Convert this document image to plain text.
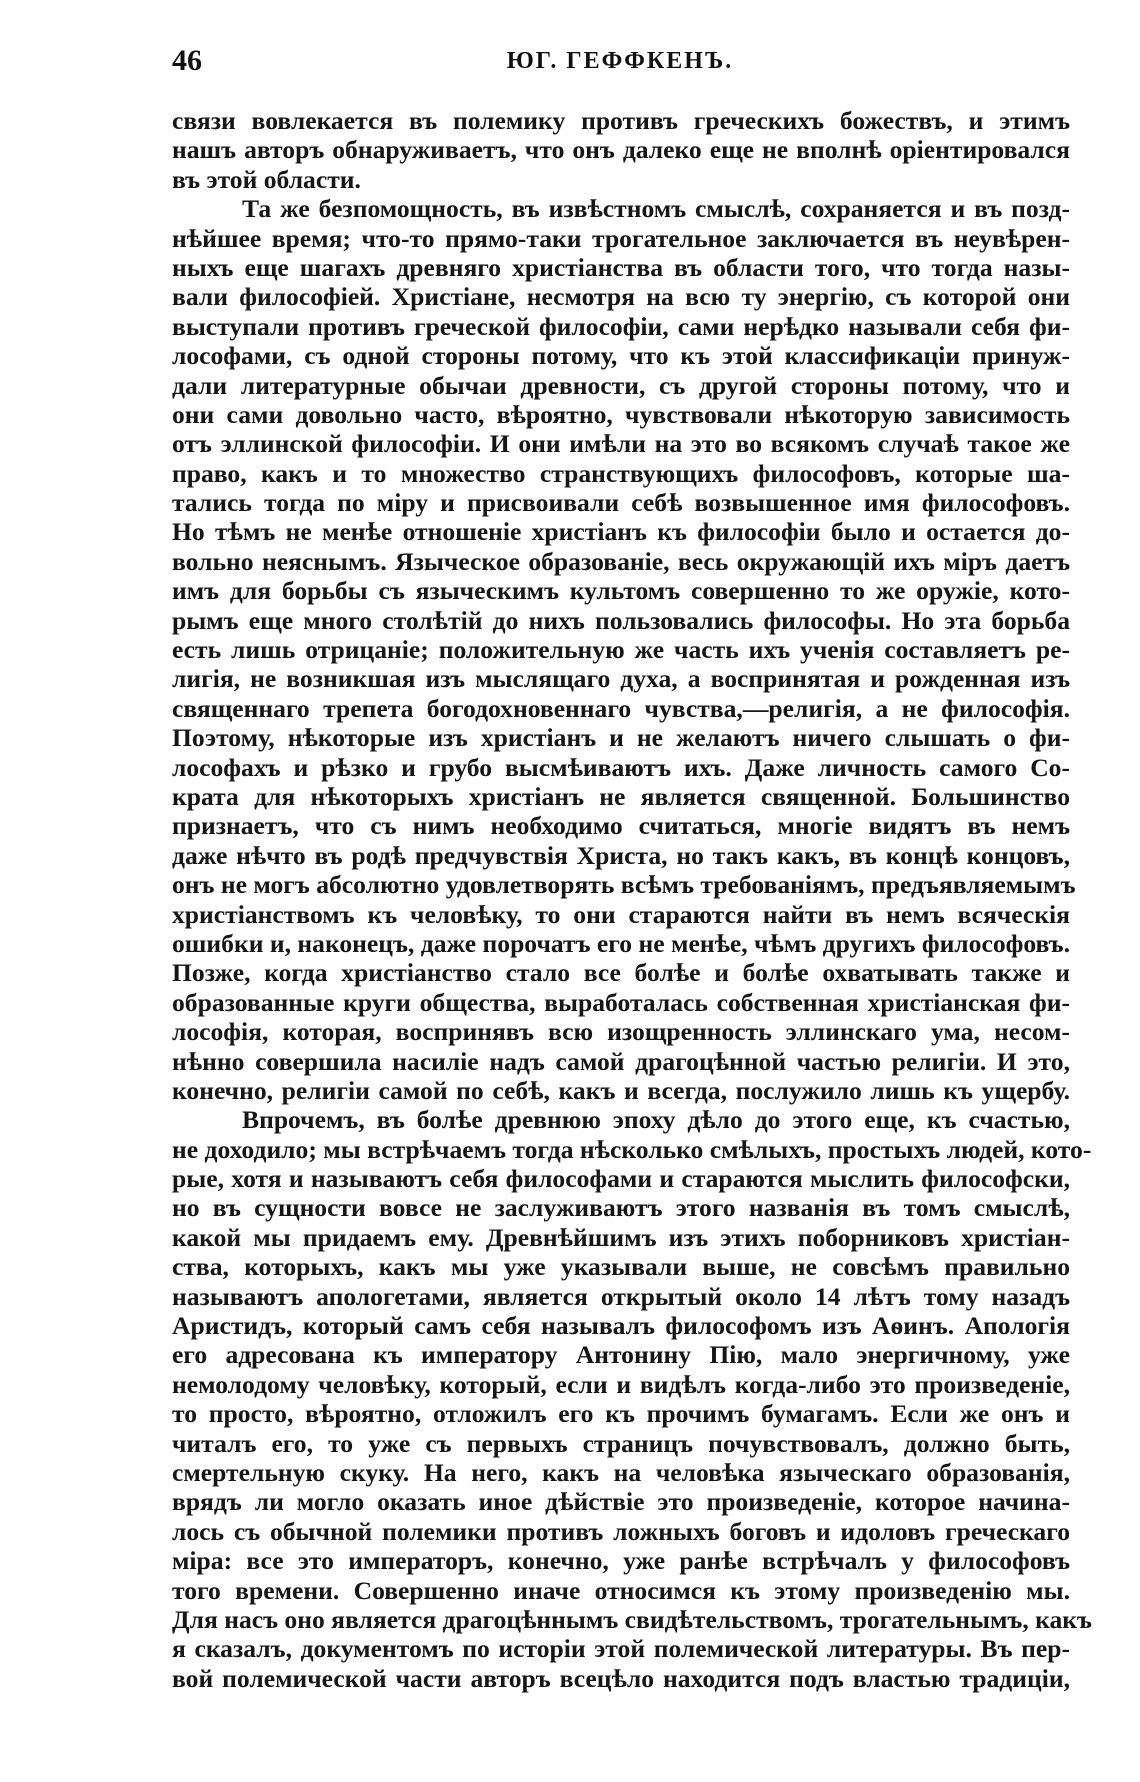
46	ЮГ. ГЕФФКЕНЪ.
связи вовлекается въ полемику противъ греческихъ божествъ, и этимъ
нашъ авторъ обнаруживаетъ, что онъ далеко еще не вполнѣ оріентировался
въ этой области.
Та же безпомощность, въ извѣстномъ смыслѣ, сохраняется и въ позд-
нѣйшее время; что-то прямо-таки трогательное заключается въ неувѣрен-
ныхъ еще шагахъ древняго христіанства въ области того, что тогда назы-
вали философіей. Христіане, несмотря на всю ту энергію, съ которой они
выступали противъ греческой философіи, сами нерѣдко называли себя фи-
лософами, съ одной стороны потому, что къ этой классификаціи принуж-
дали литературные обычаи древности, съ другой стороны потому, что и
они сами довольно часто, вѣроятно, чувствовали нѣкоторую зависимость
отъ эллинской философіи. И они имѣли на это во всякомъ случаѣ такое же
право, какъ и то множество странствующихъ философовъ, которые ша-
тались тогда по міру и присвоивали себѣ возвышенное имя философовъ.
Но тѣмъ не менѣе отношеніе христіанъ къ философіи было и остается до-
вольно неяснымъ. Языческое образованіе, весь окружающій ихъ міръ даетъ
имъ для борьбы съ языческимъ культомъ совершенно то же оружіе, кото-
рымъ еще много столѣтій до нихъ пользовались философы. Но эта борьба
есть лишь отрицаніе; положительную же часть ихъ ученія составляетъ ре-
лигія, не возникшая изъ мыслящаго духа, а воспринятая и рожденная изъ
священнаго трепета богодохновеннаго чувства,—религія, а не философія.
Поэтому, нѣкоторые изъ христіанъ и не желаютъ ничего слышать о фи-
лософахъ и рѣзко и грубо высмѣиваютъ ихъ. Даже личность самого Со-
крата для нѣкоторыхъ христіанъ не является священной. Большинство
признаетъ, что съ нимъ необходимо считаться, многіе видятъ въ немъ
даже нѣчто въ родѣ предчувствія Христа, но такъ какъ, въ концѣ концовъ,
онъ не могъ абсолютно удовлетворять всѣмъ требованіямъ, предъявляемымъ
христіанствомъ къ человѣку, то они стараются найти въ немъ всяческія
ошибки и, наконецъ, даже порочатъ его не менѣе, чѣмъ другихъ философовъ.
Позже, когда христіанство стало все болѣе и болѣе охватывать также и
образованные круги общества, выработалась собственная христіанская фи-
лософія, которая, воспринявъ всю изощренность эллинскаго ума, несом-
нѣнно совершила насиліе надъ самой драгоцѣнной частью религіи. И это,
конечно, религіи самой по себѣ, какъ и всегда, послужило лишь къ ущербу.
Впрочемъ, въ болѣе древнюю эпоху дѣло до этого еще, къ счастью,
не доходило; мы встрѣчаемъ тогда нѣсколько смѣлыхъ, простыхъ людей, кото-
рые, хотя и называютъ себя философами и стараются мыслить философски,
но въ сущности вовсе не заслуживаютъ этого названія въ томъ смыслѣ,
какой мы придаемъ ему. Древнѣйшимъ изъ этихъ поборниковъ христіан-
ства, которыхъ, какъ мы уже указывали выше, не совсѣмъ правильно
называютъ апологетами, является открытый около 14 лѣтъ тому назадъ
Аристидъ, который самъ себя называлъ философомъ изъ Аѳинъ. Апологія
его адресована къ императору Антонину Пію, мало энергичному, уже
немолодому человѣку, который, если и видѣлъ когда-либо это произведеніе,
то просто, вѣроятно, отложилъ его къ прочимъ бумагамъ. Если же онъ и
читалъ его, то уже съ первыхъ страницъ почувствовалъ, должно быть,
смертельную скуку. На него, какъ на человѣка языческаго образованія,
врядъ ли могло оказать иное дѣйствіе это произведеніе, которое начина-
лось съ обычной полемики противъ ложныхъ боговъ и идоловъ греческаго
міра: все это императоръ, конечно, уже ранѣе встрѣчалъ у философовъ
того времени. Совершенно иначе относимся къ этому произведенію мы.
Для насъ оно является драгоцѣннымъ свидѣтельствомъ, трогательнымъ, какъ
я сказалъ, документомъ по исторіи этой полемической литературы. Въ пер-
вой полемической части авторъ всецѣло находится подъ властью традиціи,
